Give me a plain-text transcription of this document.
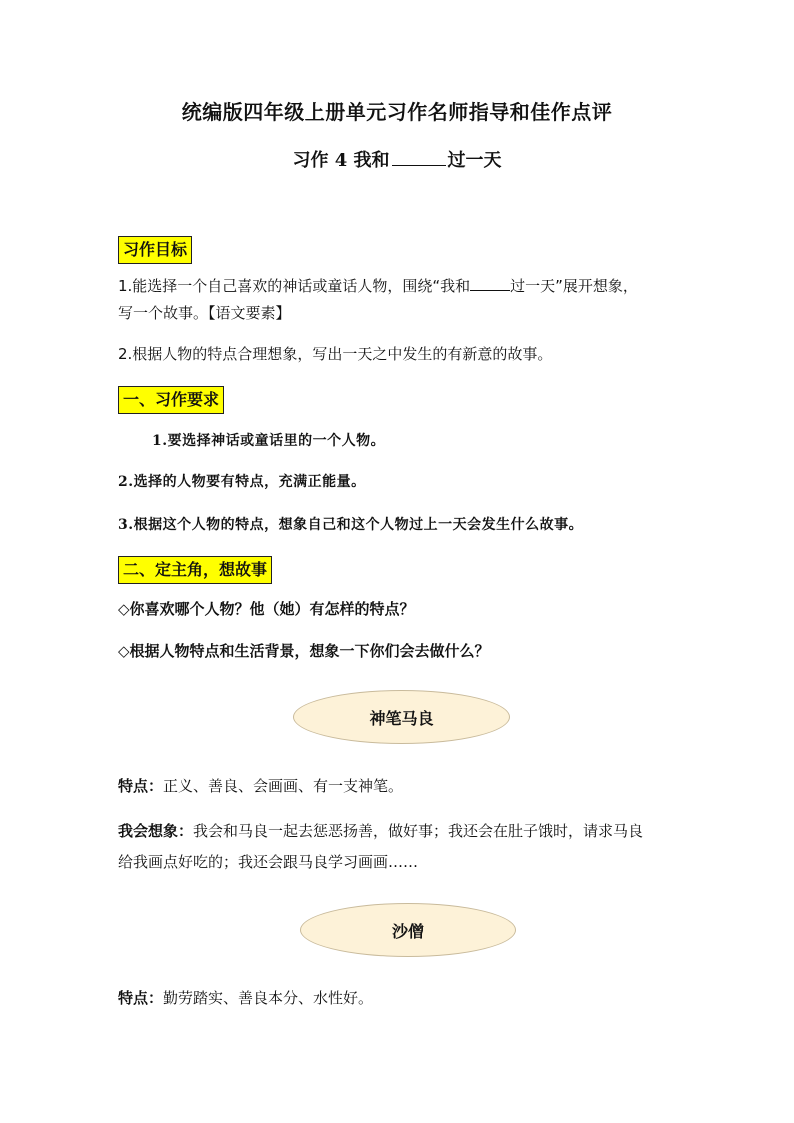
统编版四年级上册单元习作名师指导和佳作点评
习作 4 我和	过一天
习作目标
1.能选择一个自己喜欢的神话或童话人物，围绕“我和	过一天”展开想象，
写一个故事。【语文要素】
2.根据人物的特点合理想象，写出一天之中发生的有新意的故事。
一、习作要求
1.要选择神话或童话里的一个人物。
2.选择的人物要有特点，充满正能量。
3.根据这个人物的特点，想象自己和这个人物过上一天会发生什么故事。
二、定主角，想故事
◇你喜欢哪个人物？他（她）有怎样的特点？
◇根据人物特点和生活背景，想象一下你们会去做什么？
神笔马良
特点：正义、善良、会画画、有一支神笔。
我会想象：我会和马良一起去惩恶扬善，做好事；我还会在肚子饿时，请求马良
给我画点好吃的；我还会跟马良学习画画……
沙僧
特点：勤劳踏实、善良本分、水性好。
